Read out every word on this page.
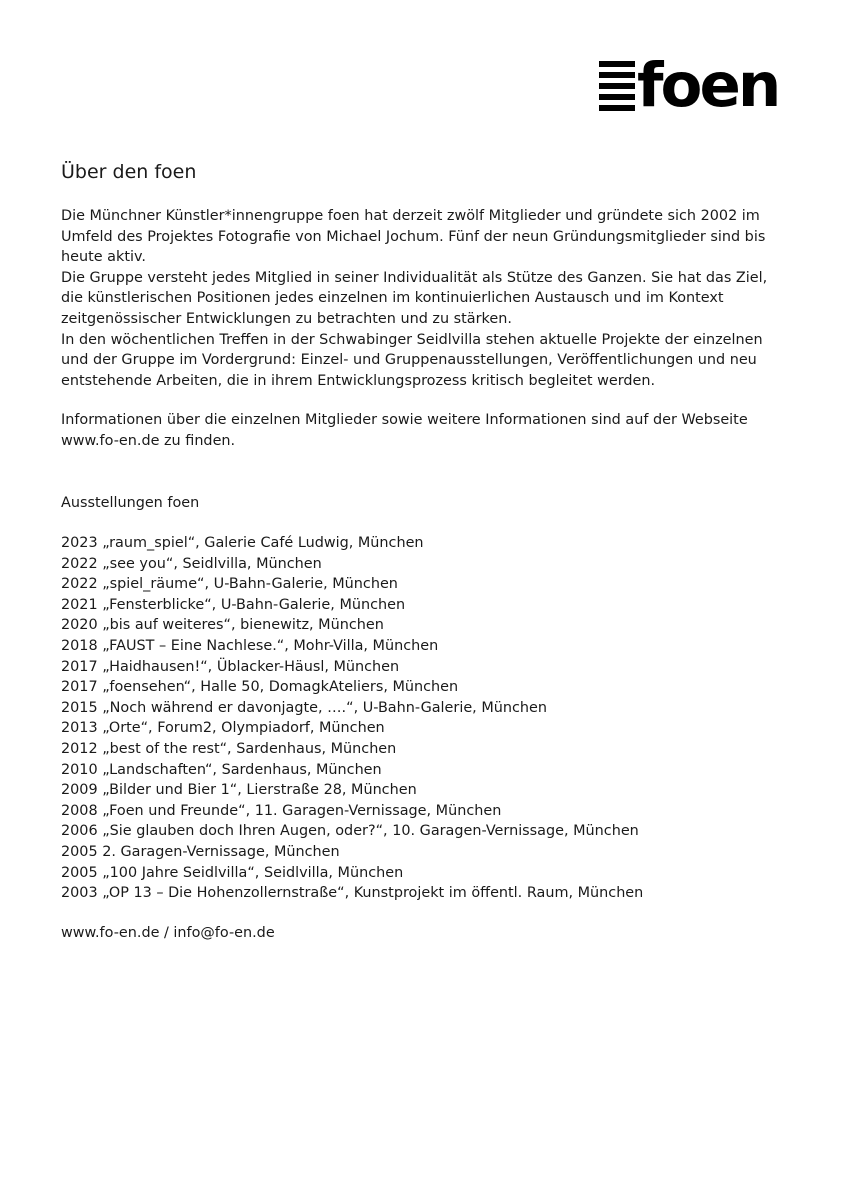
foen
Über den foen

Die Münchner Künstler*innengruppe foen hat derzeit zwölf Mitglieder und gründete sich 2002 im

Umfeld des Projektes Fotografie von Michael Jochum. Fünf der neun Gründungsmitglieder sind bis

heute aktiv.

Die Gruppe versteht jedes Mitglied in seiner Individualität als Stütze des Ganzen. Sie hat das Ziel,

die künstlerischen Positionen jedes einzelnen im kontinuierlichen Austausch und im Kontext

zeitgenössischer Entwicklungen zu betrachten und zu stärken.

In den wöchentlichen Treffen in der Schwabinger Seidlvilla stehen aktuelle Projekte der einzelnen

und der Gruppe im Vordergrund: Einzel- und Gruppenausstellungen, Veröffentlichungen und neu

entstehende Arbeiten, die in ihrem Entwicklungsprozess kritisch begleitet werden.

Informationen über die einzelnen Mitglieder sowie weitere Informationen sind auf der Webseite

www.fo-en.de zu finden.

Ausstellungen foen

2023 „raum_spiel“, Galerie Café Ludwig, München
2022 „see you“, Seidlvilla, München
2022 „spiel_räume“, U-Bahn-Galerie, München
2021 „Fensterblicke“, U-Bahn-Galerie, München
2020 „bis auf weiteres“, bienewitz, München
2018 „FAUST – Eine Nachlese.“, Mohr-Villa, München
2017 „Haidhausen!“, Üblacker-Häusl, München
2017 „foensehen“, Halle 50, DomagkAteliers, München
2015 „Noch während er davonjagte, ….“, U-Bahn-Galerie, München
2013 „Orte“, Forum2, Olympiadorf, München
2012 „best of the rest“, Sardenhaus, München
2010 „Landschaften“, Sardenhaus, München
2009 „Bilder und Bier 1“, Lierstraße 28, München
2008 „Foen und Freunde“, 11. Garagen-Vernissage, München
2006 „Sie glauben doch Ihren Augen, oder?“, 10. Garagen-Vernissage, München
2005 2. Garagen-Vernissage, München
2005 „100 Jahre Seidlvilla“, Seidlvilla, München
2003 „OP 13 – Die Hohenzollernstraße“, Kunstprojekt im öffentl. Raum, München

www.fo-en.de / info@fo-en.de
